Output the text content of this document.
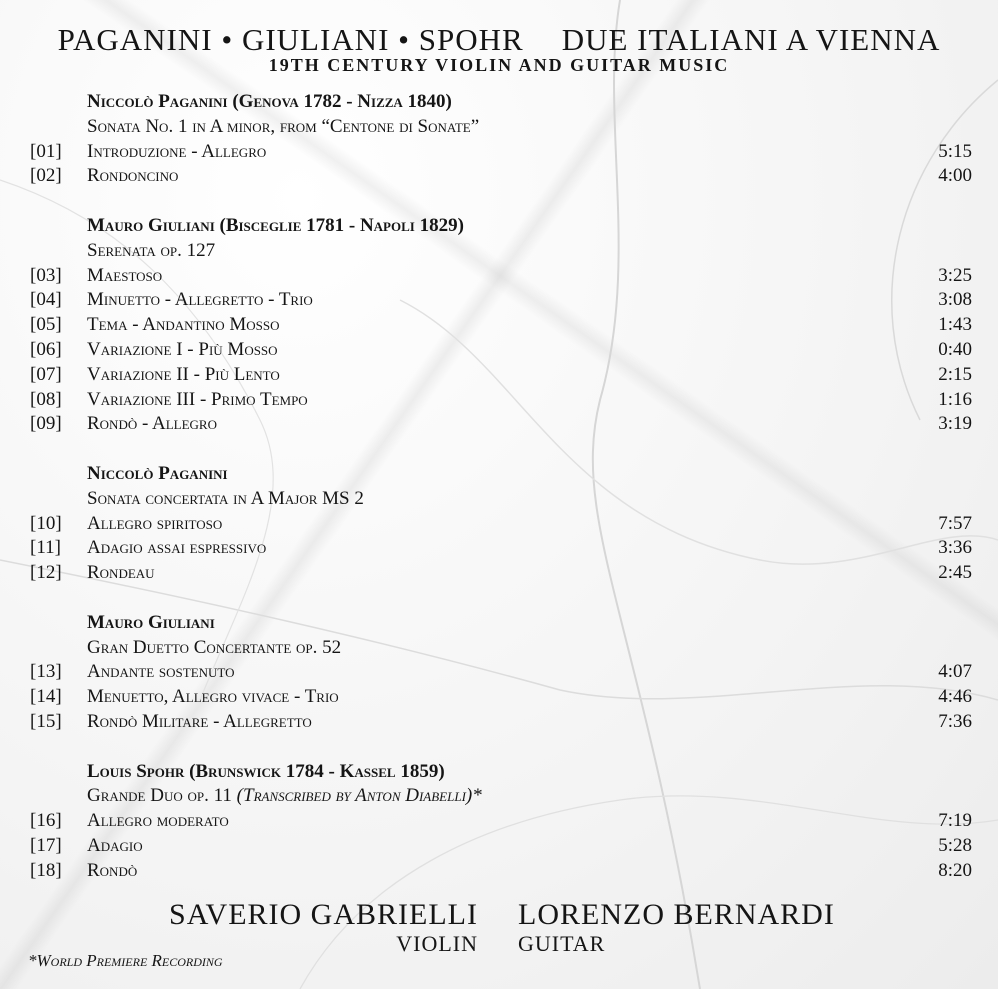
PAGANINI • GIULIANI • SPOHR DUE ITALIANI A VIENNA
19TH CENTURY VIOLIN AND GUITAR MUSIC
Niccolò Paganini (Genova 1782 - Nizza 1840)
Sonata No. 1 in A minor, from “Centone di Sonate”
[01] Introduzione - Allegro	5:15
[02] Rondoncino	4:00
Mauro Giuliani (Bisceglie 1781 - Napoli 1829)
Serenata op. 127
[03] Maestoso	3:25
[04] Minuetto - Allegretto - Trio	3:08
[05] Tema - Andantino Mosso	1:43
[06] Variazione I - Più Mosso	0:40
[07] Variazione II - Più Lento	2:15
[08] Variazione III - Primo Tempo	1:16
[09] Rondò - Allegro	3:19
Niccolò Paganini
Sonata concertata in A Major MS 2
[10] Allegro spiritoso	7:57
[11] Adagio assai espressivo	3:36
[12] Rondeau	2:45
Mauro Giuliani
Gran Duetto Concertante op. 52
[13] Andante sostenuto	4:07
[14] Menuetto, Allegro vivace - Trio	4:46
[15] Rondò Militare - Allegretto	7:36
Louis Spohr (Brunswick 1784 - Kassel 1859)
Grande Duo op. 11 (Transcribed by Anton Diabelli)*
[16] Allegro moderato	7:19
[17] Adagio	5:28
[18] Rondò	8:20
SAVERIO GABRIELLI
VIOLIN
LORENZO BERNARDI
GUITAR
*World Premiere Recording
